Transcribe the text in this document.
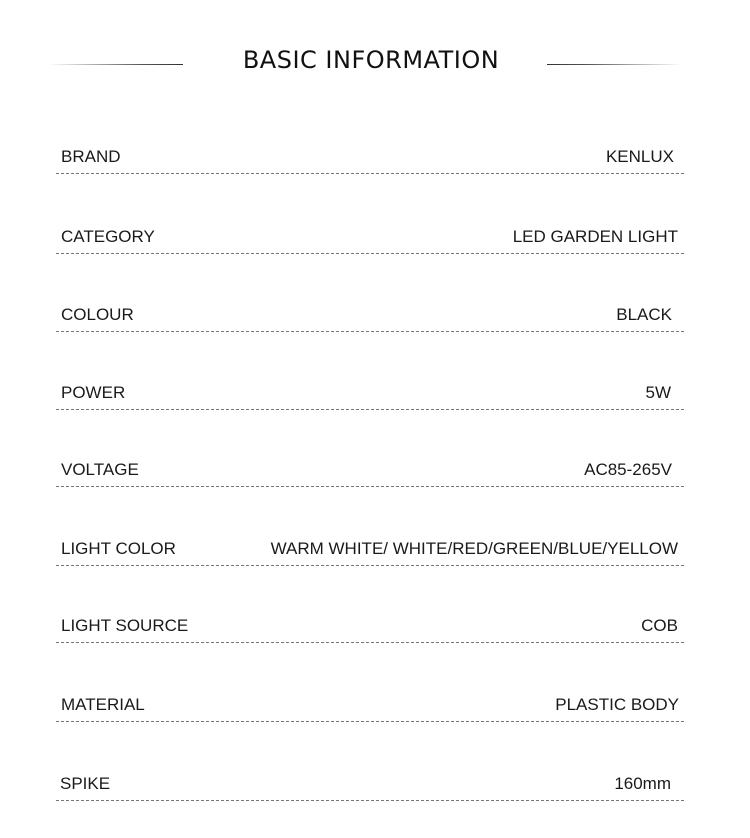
BASIC INFORMATION
BRAND	KENLUX
CATEGORY	LED GARDEN LIGHT
COLOUR	BLACK
POWER	5W
VOLTAGE	AC85-265V
LIGHT COLOR	WARM WHITE/ WHITE/RED/GREEN/BLUE/YELLOW
LIGHT SOURCE	COB
MATERIAL	PLASTIC BODY
SPIKE	160mm
